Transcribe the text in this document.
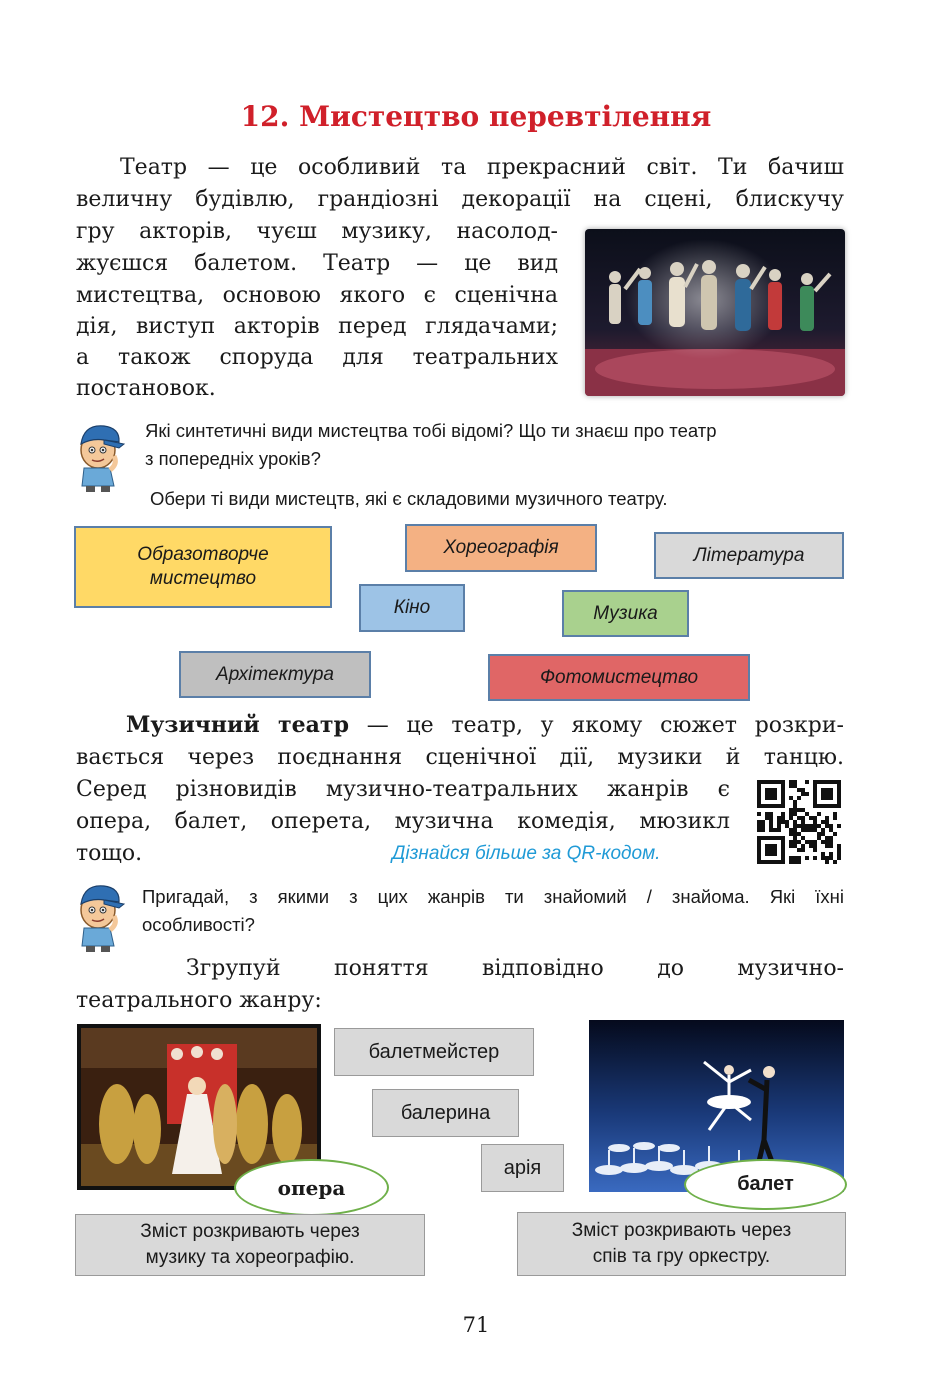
12. Мистецтво перевтілення
Театр — це особливий та прекрасний світ. Ти бачиш
величну будівлю, грандіозні декорації на сцені, блискучу
гру акторів, чуєш музику, насолод-
жуєшся балетом. Театр — це вид
мистецтва, основою якого є сценічна
дія, виступ акторів перед глядачами;
а також споруда для театральних
постановок.
Які синтетичні види мистецтва тобі відомі? Що ти знаєш про театр
з попередніх уроків?
Обери ті види мистецтв, які є складовими музичного театру.
Образотворче
мистецтво
Хореографія	Література
Кіно	Музика
Архітектура	Фотомистецтво
Музичний театр — це театр, у якому сюжет розкри-
вається через поєднання сценічної дії, музики й танцю.
Серед різновидів музично-театральних жанрів є
опера, балет, оперета, музична комедія, мюзикл
тощо.	Дізнайся більше за QR-кодом.
Пригадай, з якими з цих жанрів ти знайомий / знайома. Які їхні
особливості?
Згрупуй поняття відповідно до музично-
театрального жанру:
опера
балетмейстер
балерина
арія
балет
Зміст розкривають через
музику та хореографію.
Зміст розкривають через
спів та гру оркестру.
71
